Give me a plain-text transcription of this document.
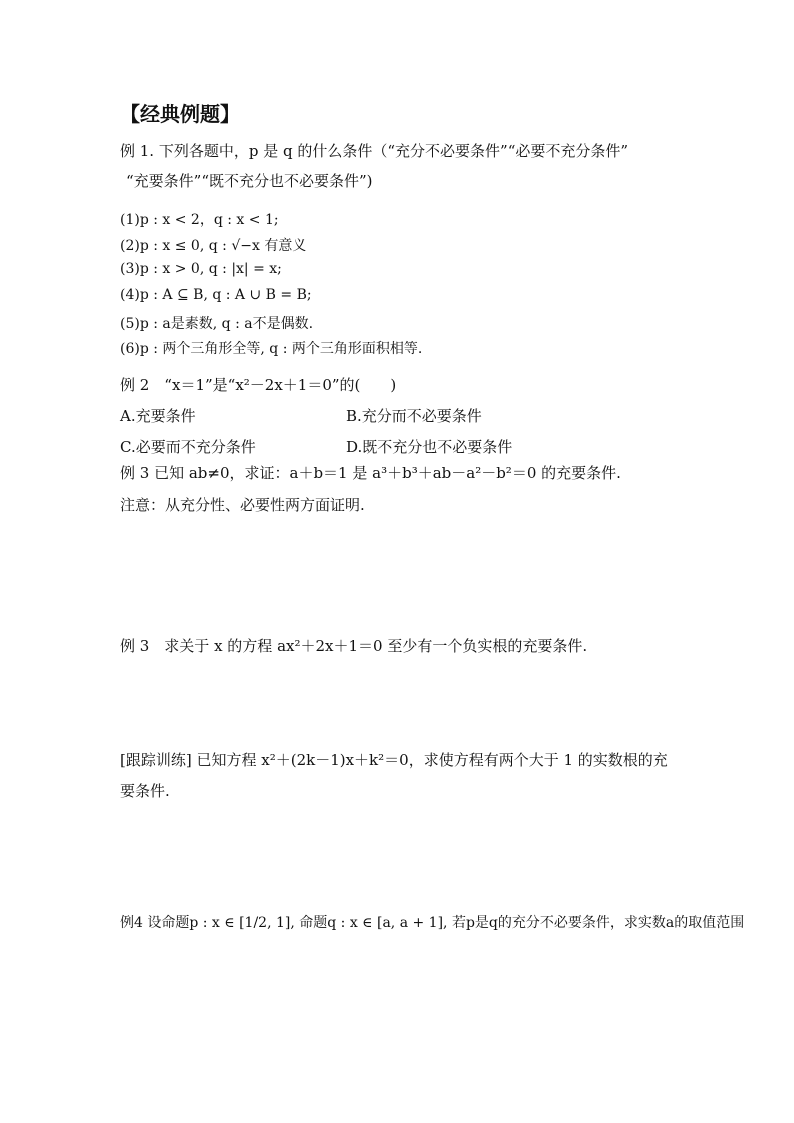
【经典例题】
例 1. 下列各题中，p 是 q 的什么条件（“充分不必要条件”“必要不充分条件”
“充要条件”“既不充分也不必要条件”)
(1)p : x < 2，q : x < 1;
(2)p : x ≤ 0, q : √−x 有意义
(3)p : x > 0, q : |x| = x;
(4)p : A ⊆ B, q : A ∪ B = B;
(5)p : a是素数, q : a不是偶数.
(6)p : 两个三角形全等, q : 两个三角形面积相等.
例 2　“x＝1”是“x²－2x＋1＝0”的(　　)
A.充要条件	B.充分而不必要条件
C.必要而不充分条件	D.既不充分也不必要条件
例 3 已知 ab≠0，求证：a＋b＝1 是 a³＋b³＋ab－a²－b²＝0 的充要条件.
注意：从充分性、必要性两方面证明.
例 3　求关于 x 的方程 ax²＋2x＋1＝0 至少有一个负实根的充要条件.
[跟踪训练] 已知方程 x²＋(2k－1)x＋k²＝0，求使方程有两个大于 1 的实数根的充
要条件.
例4 设命题p : x ∈ [1/2, 1], 命题q : x ∈ [a, a + 1], 若p是q的充分不必要条件，求实数a的取值范围
